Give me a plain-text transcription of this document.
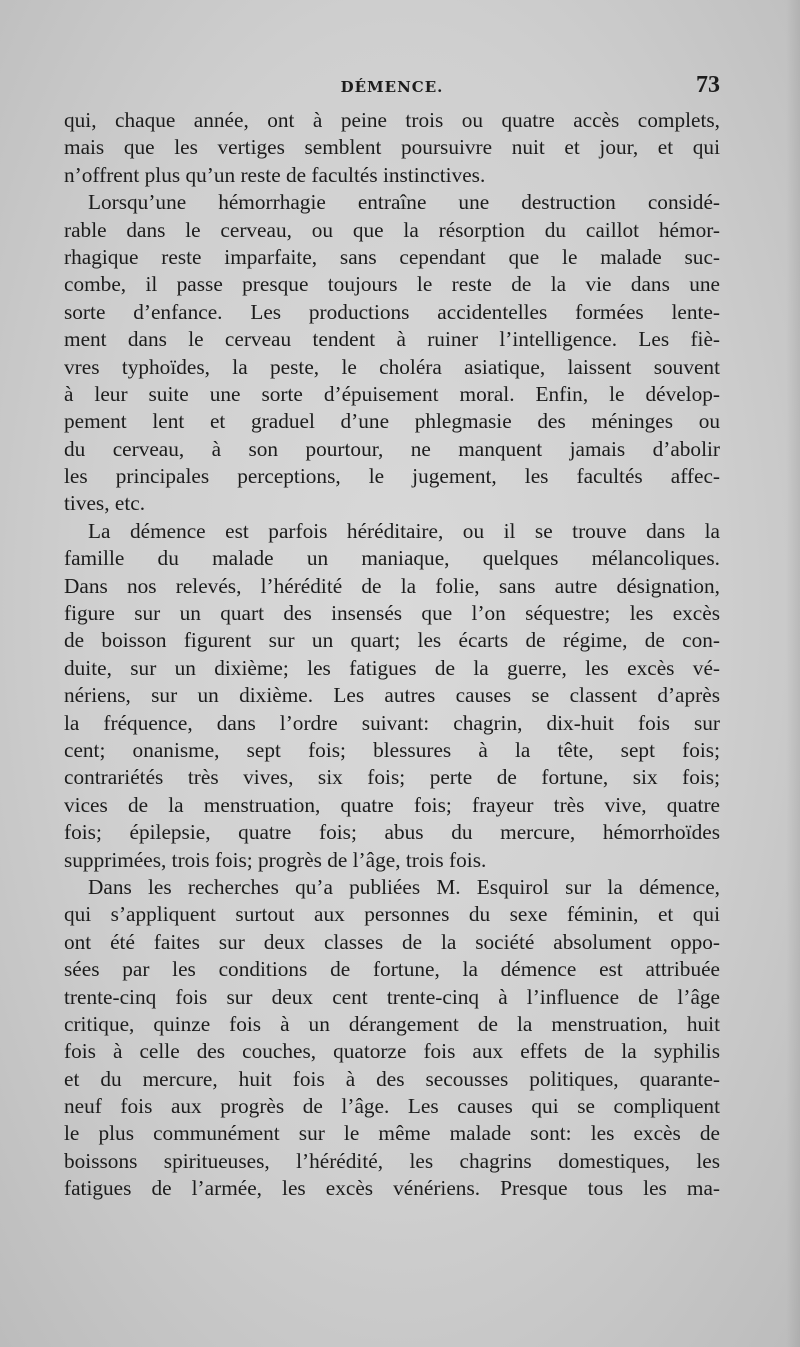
DÉMENCE.	73
qui, chaque année, ont à peine trois ou quatre accès complets,
mais que les vertiges semblent poursuivre nuit et jour, et qui
n’offrent plus qu’un reste de facultés instinctives.
Lorsqu’une hémorrhagie entraîne une destruction considé-
rable dans le cerveau, ou que la résorption du caillot hémor-
rhagique reste imparfaite, sans cependant que le malade suc-
combe, il passe presque toujours le reste de la vie dans une
sorte d’enfance. Les productions accidentelles formées lente-
ment dans le cerveau tendent à ruiner l’intelligence. Les fiè-
vres typhoïdes, la peste, le choléra asiatique, laissent souvent
à leur suite une sorte d’épuisement moral. Enfin, le dévelop-
pement lent et graduel d’une phlegmasie des méninges ou
du cerveau, à son pourtour, ne manquent jamais d’abolir
les principales perceptions, le jugement, les facultés affec-
tives, etc.
La démence est parfois héréditaire, ou il se trouve dans la
famille du malade un maniaque, quelques mélancoliques.
Dans nos relevés, l’hérédité de la folie, sans autre désignation,
figure sur un quart des insensés que l’on séquestre; les excès
de boisson figurent sur un quart; les écarts de régime, de con-
duite, sur un dixième; les fatigues de la guerre, les excès vé-
nériens, sur un dixième. Les autres causes se classent d’après
la fréquence, dans l’ordre suivant: chagrin, dix-huit fois sur
cent; onanisme, sept fois; blessures à la tête, sept fois;
contrariétés très vives, six fois; perte de fortune, six fois;
vices de la menstruation, quatre fois; frayeur très vive, quatre
fois; épilepsie, quatre fois; abus du mercure, hémorrhoïdes
supprimées, trois fois; progrès de l’âge, trois fois.
Dans les recherches qu’a publiées M. Esquirol sur la démence,
qui s’appliquent surtout aux personnes du sexe féminin, et qui
ont été faites sur deux classes de la société absolument oppo-
sées par les conditions de fortune, la démence est attribuée
trente-cinq fois sur deux cent trente-cinq à l’influence de l’âge
critique, quinze fois à un dérangement de la menstruation, huit
fois à celle des couches, quatorze fois aux effets de la syphilis
et du mercure, huit fois à des secousses politiques, quarante-
neuf fois aux progrès de l’âge. Les causes qui se compliquent
le plus communément sur le même malade sont: les excès de
boissons spiritueuses, l’hérédité, les chagrins domestiques, les
fatigues de l’armée, les excès vénériens. Presque tous les ma-
